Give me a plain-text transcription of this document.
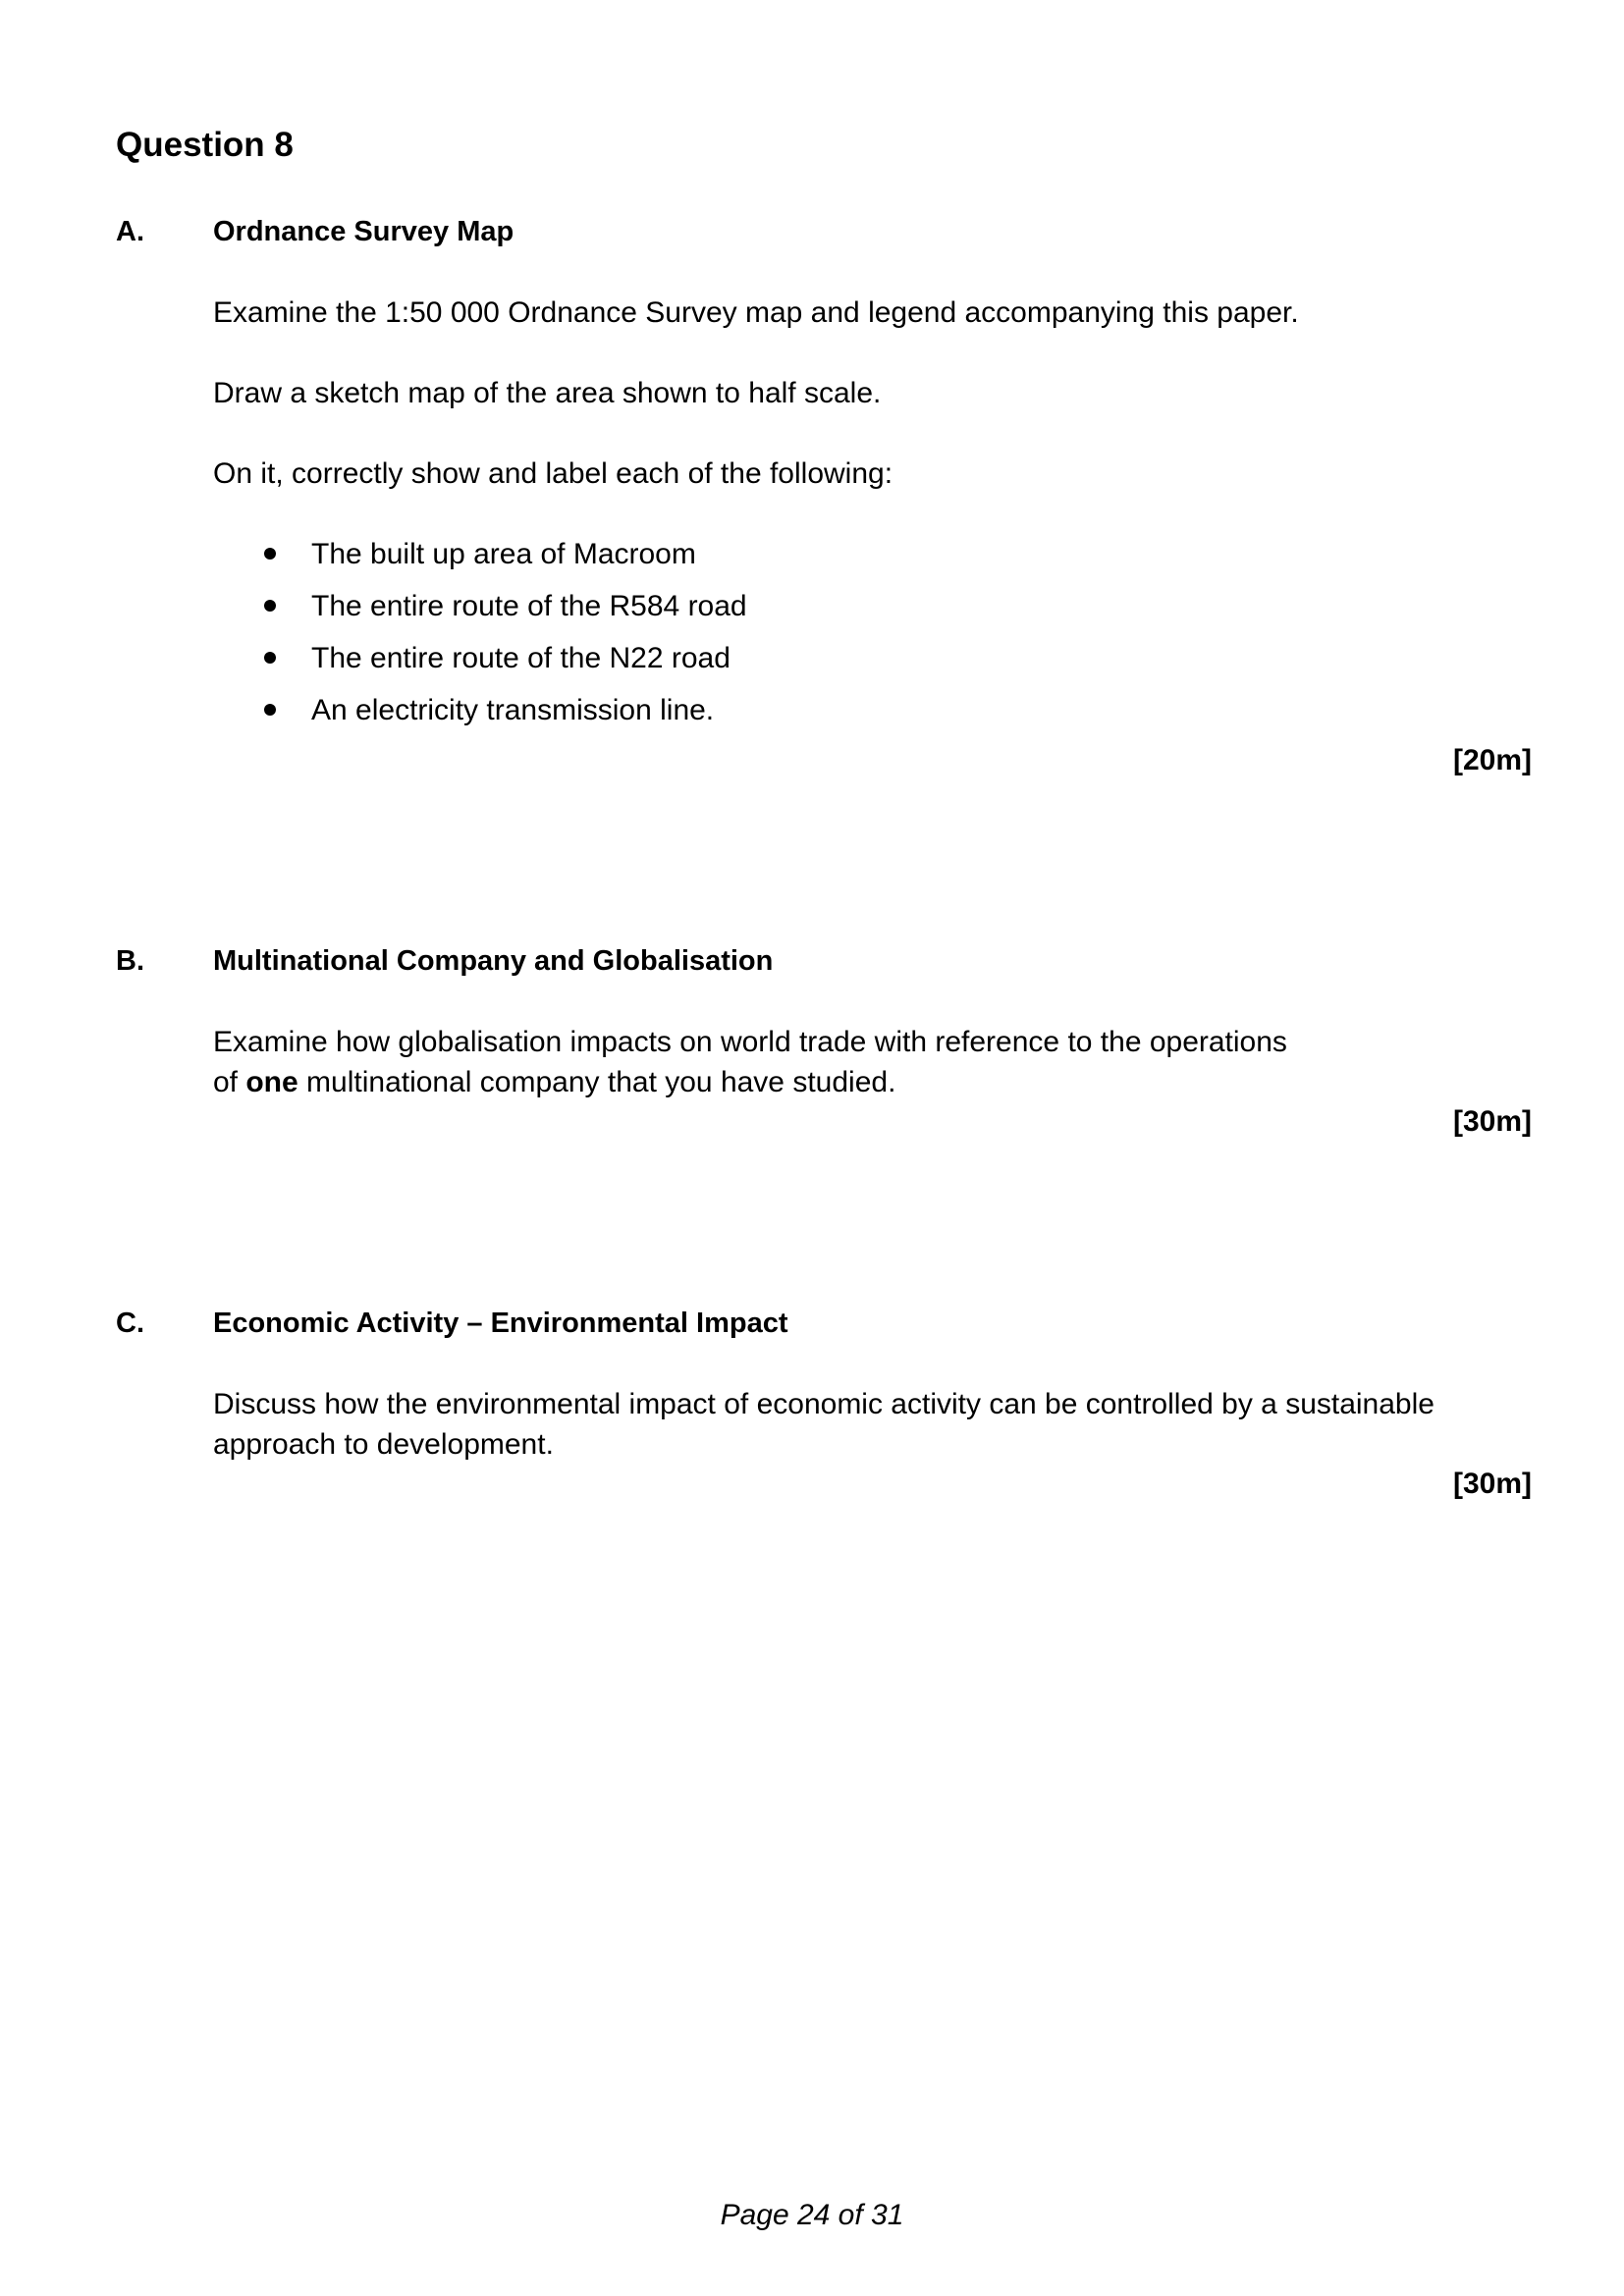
Question 8
A. Ordnance Survey Map
Examine the 1:50 000 Ordnance Survey map and legend accompanying this paper.
Draw a sketch map of the area shown to half scale.
On it, correctly show and label each of the following:
The built up area of Macroom
The entire route of the R584 road
The entire route of the N22 road
An electricity transmission line.
[20m]
B. Multinational Company and Globalisation
Examine how globalisation impacts on world trade with reference to the operations
of one multinational company that you have studied.
[30m]
C. Economic Activity – Environmental Impact
Discuss how the environmental impact of economic activity can be controlled by a sustainable
approach to development.
[30m]
Page 24 of 31
